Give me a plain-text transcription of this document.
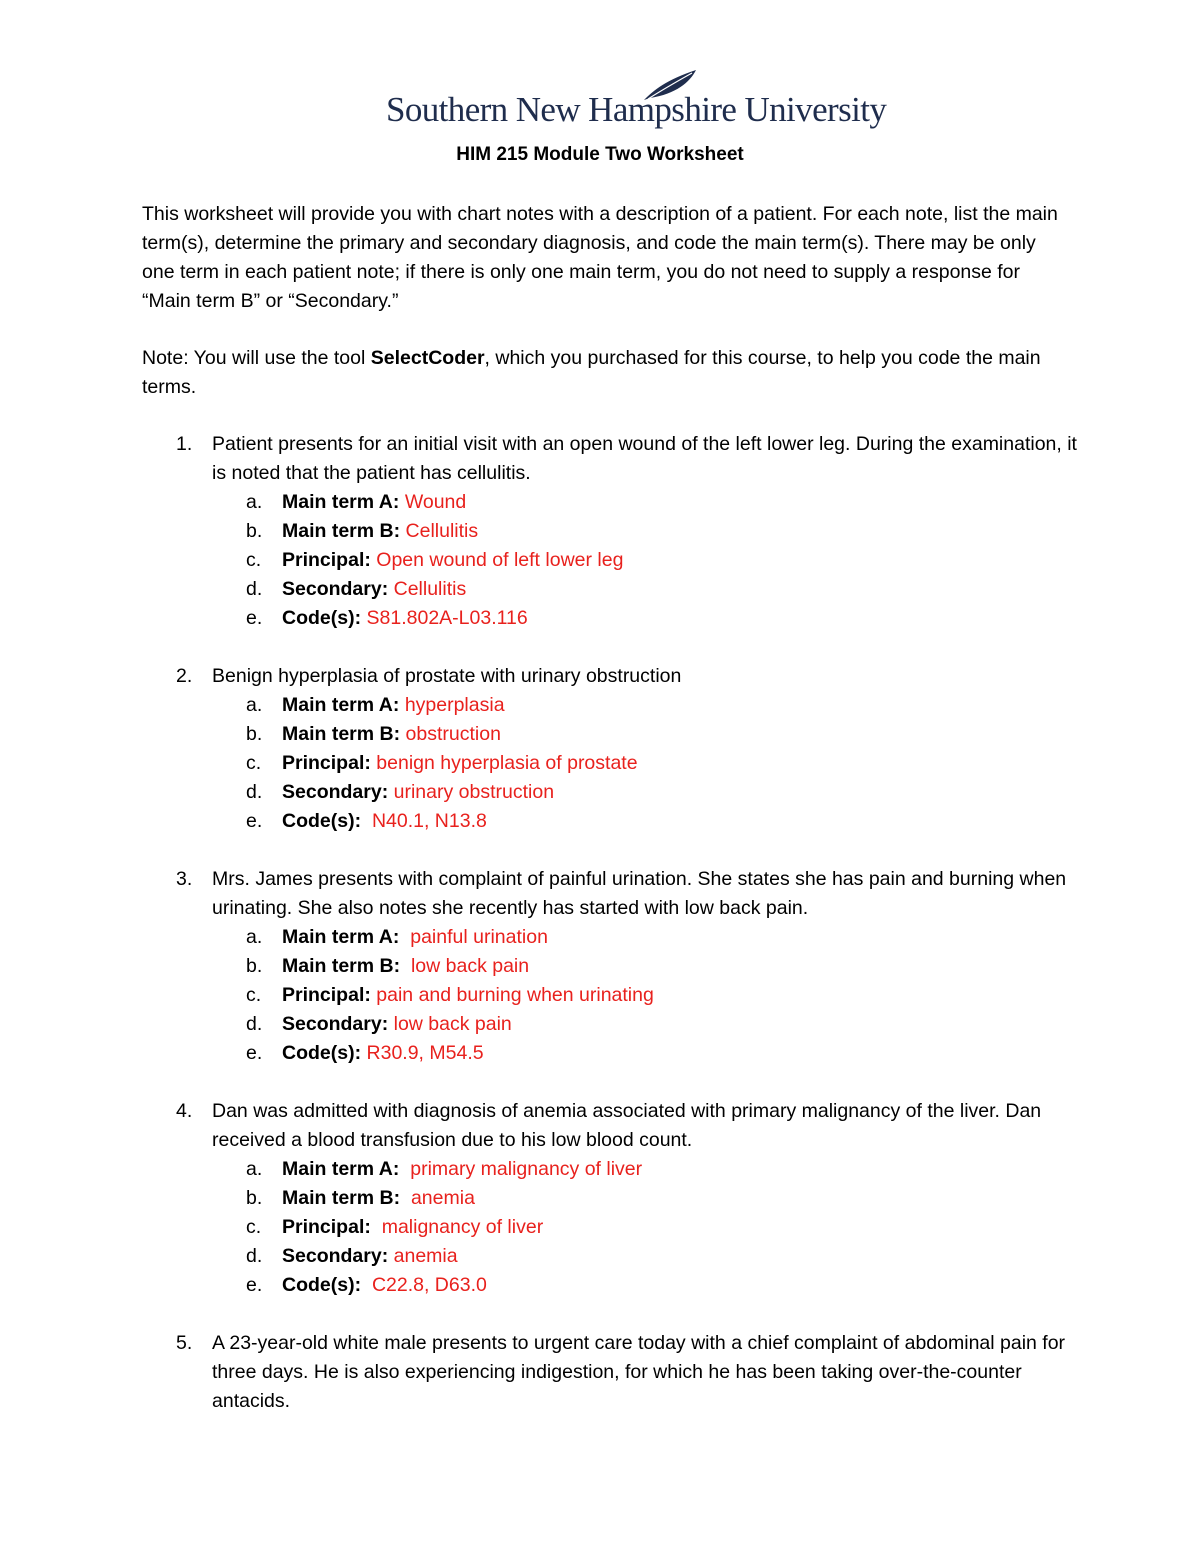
Southern New Hampshire University
HIM 215 Module Two Worksheet

This worksheet will provide you with chart notes with a description of a patient. For each note, list the main term(s), determine the primary and secondary diagnosis, and code the main term(s). There may be only one term in each patient note; if there is only one main term, you do not need to supply a response for “Main term B” or “Secondary.”

Note: You will use the tool SelectCoder, which you purchased for this course, to help you code the main terms.

1. Patient presents for an initial visit with an open wound of the left lower leg. During the examination, it is noted that the patient has cellulitis.
a. Main term A: Wound
b. Main term B: Cellulitis
c. Principal: Open wound of left lower leg
d. Secondary: Cellulitis
e. Code(s): S81.802A-L03.116
2. Benign hyperplasia of prostate with urinary obstruction
a. Main term A: hyperplasia
b. Main term B: obstruction
c. Principal: benign hyperplasia of prostate
d. Secondary: urinary obstruction
e. Code(s):  N40.1, N13.8
3. Mrs. James presents with complaint of painful urination. She states she has pain and burning when urinating. She also notes she recently has started with low back pain.
a. Main term A:  painful urination
b. Main term B:  low back pain
c. Principal: pain and burning when urinating
d. Secondary: low back pain
e. Code(s): R30.9, M54.5
4. Dan was admitted with diagnosis of anemia associated with primary malignancy of the liver. Dan received a blood transfusion due to his low blood count.
a. Main term A:  primary malignancy of liver
b. Main term B:  anemia
c. Principal: malignancy of liver
d. Secondary: anemia
e. Code(s):  C22.8, D63.0
5. A 23-year-old white male presents to urgent care today with a chief complaint of abdominal pain for three days. He is also experiencing indigestion, for which he has been taking over-the-counter antacids.
